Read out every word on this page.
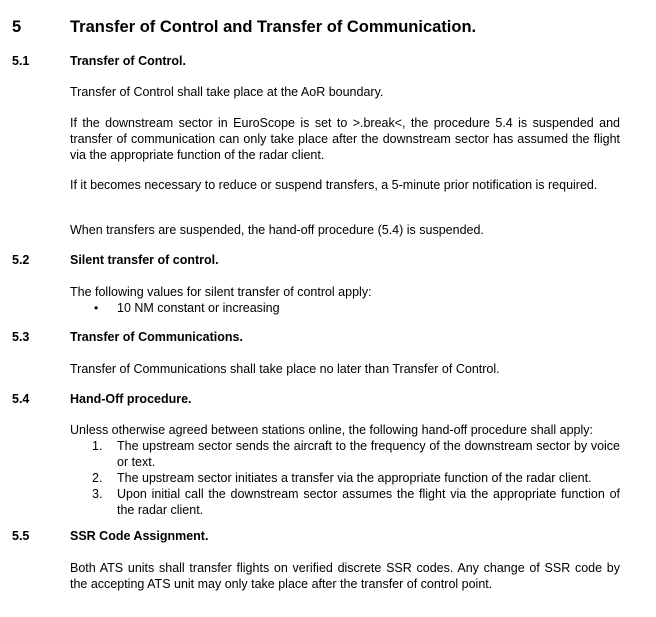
5	Transfer of Control and Transfer of Communication.
5.1	Transfer of Control.
Transfer of Control shall take place at the AoR boundary.
If the downstream sector in EuroScope is set to >.break<, the procedure 5.4 is suspended and transfer of communication can only take place after the downstream sector has assumed the flight via the appropriate function of the radar client.
If it becomes necessary to reduce or suspend transfers, a 5-minute prior notification is required.
When transfers are suspended, the hand-off procedure (5.4) is suspended.
5.2	Silent transfer of control.
The following values for silent transfer of control apply:
• 10 NM constant or increasing
5.3	Transfer of Communications.
Transfer of Communications shall take place no later than Transfer of Control.
5.4	Hand-Off procedure.
Unless otherwise agreed between stations online, the following hand-off procedure shall apply:
1. The upstream sector sends the aircraft to the frequency of the downstream sector by voice or text.
2. The upstream sector initiates a transfer via the appropriate function of the radar client.
3. Upon initial call the downstream sector assumes the flight via the appropriate function of the radar client.
5.5	SSR Code Assignment.
Both ATS units shall transfer flights on verified discrete SSR codes. Any change of SSR code by the accepting ATS unit may only take place after the transfer of control point.
